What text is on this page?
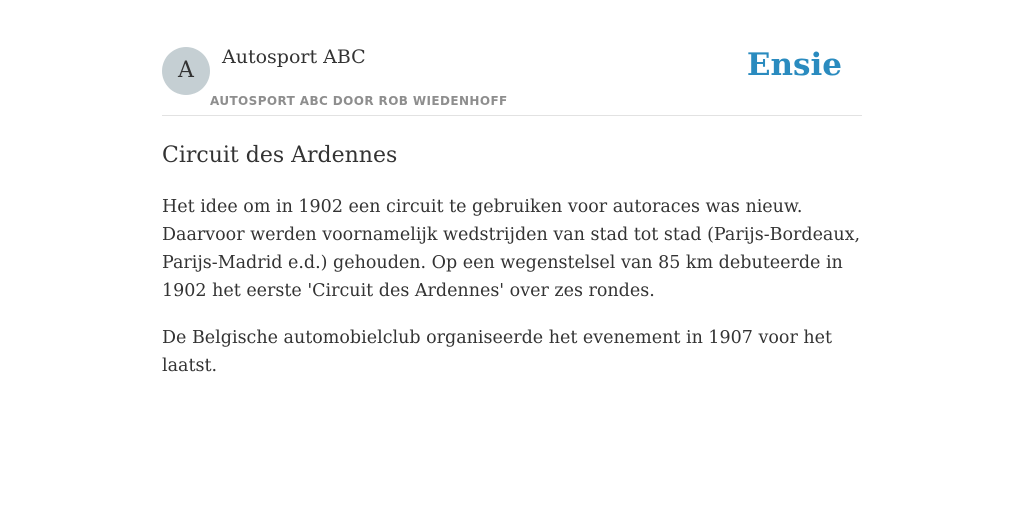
A
Autosport ABC
AUTOSPORT ABC DOOR ROB WIEDENHOFF
Ensie
Circuit des Ardennes

Het idee om in 1902 een circuit te gebruiken voor autoraces was nieuw. Daarvoor werden voornamelijk wedstrijden van stad tot stad (Parijs-Bordeaux, Parijs-Madrid e.d.) gehouden. Op een wegenstelsel van 85 km debuteerde in 1902 het eerste 'Circuit des Ardennes' over zes rondes.

De Belgische automobielclub organiseerde het evenement in 1907 voor het laatst.
